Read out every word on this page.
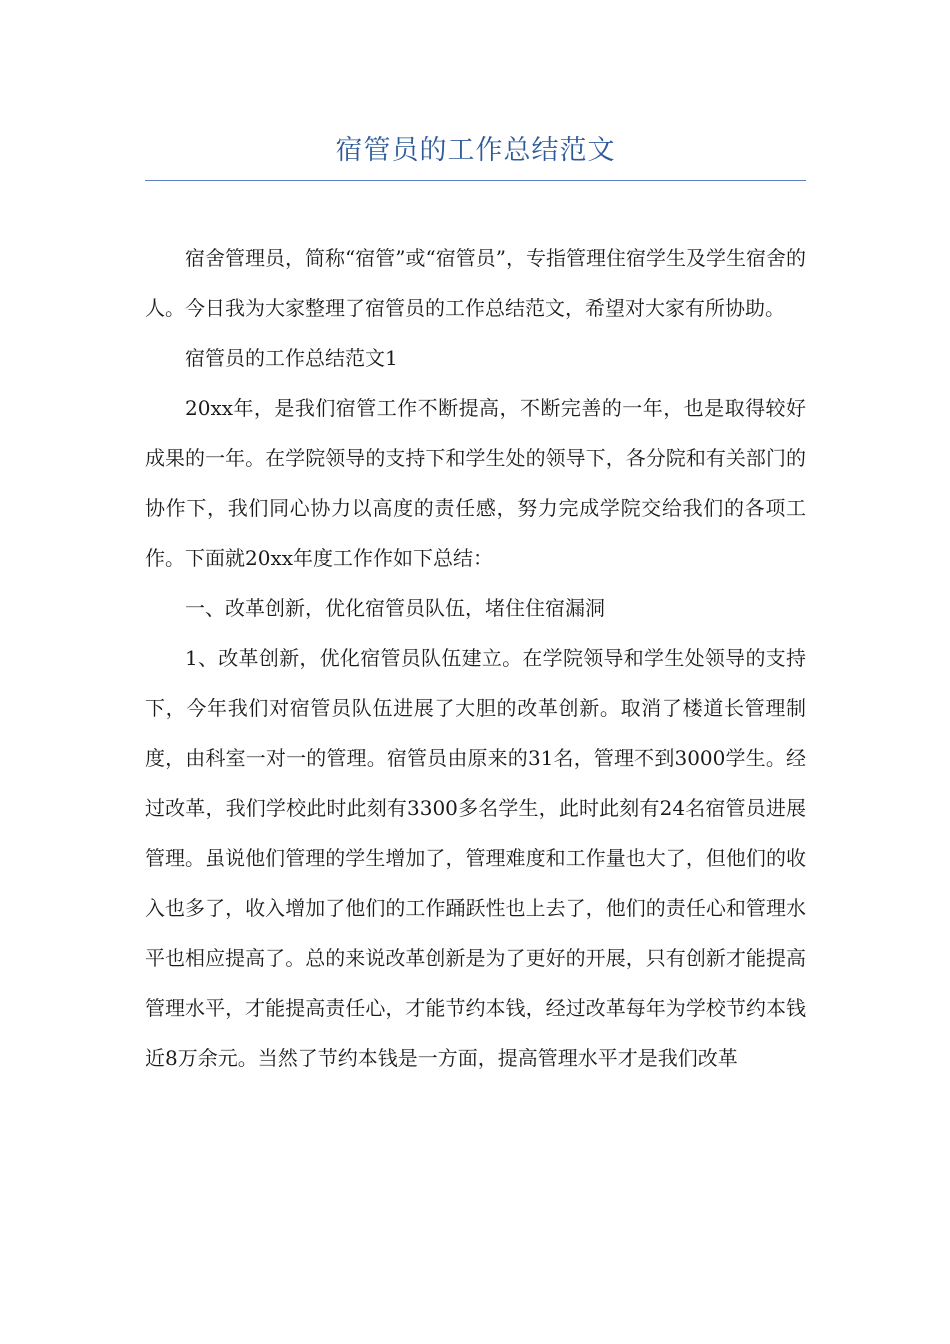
宿管员的工作总结范文

宿舍管理员，简称“宿管”或“宿管员”，专指管理住宿学生及学生宿舍的人。今日我为大家整理了宿管员的工作总结范文，希望对大家有所协助。

宿管员的工作总结范文1

20xx年，是我们宿管工作不断提高，不断完善的一年，也是取得较好成果的一年。在学院领导的支持下和学生处的领导下，各分院和有关部门的协作下，我们同心协力以高度的责任感，努力完成学院交给我们的各项工作。下面就20xx年度工作作如下总结：

一、改革创新，优化宿管员队伍，堵住住宿漏洞

1、改革创新，优化宿管员队伍建立。在学院领导和学生处领导的支持下，今年我们对宿管员队伍进展了大胆的改革创新。取消了楼道长管理制度，由科室一对一的管理。宿管员由原来的31名，管理不到3000学生。经过改革，我们学校此时此刻有3300多名学生，此时此刻有24名宿管员进展管理。虽说他们管理的学生增加了，管理难度和工作量也大了，但他们的收入也多了，收入增加了他们的工作踊跃性也上去了，他们的责任心和管理水平也相应提高了。总的来说改革创新是为了更好的开展，只有创新才能提高管理水平，才能提高责任心，才能节约本钱，经过改革每年为学校节约本钱近8万余元。当然了节约本钱是一方面，提高管理水平才是我们改革
